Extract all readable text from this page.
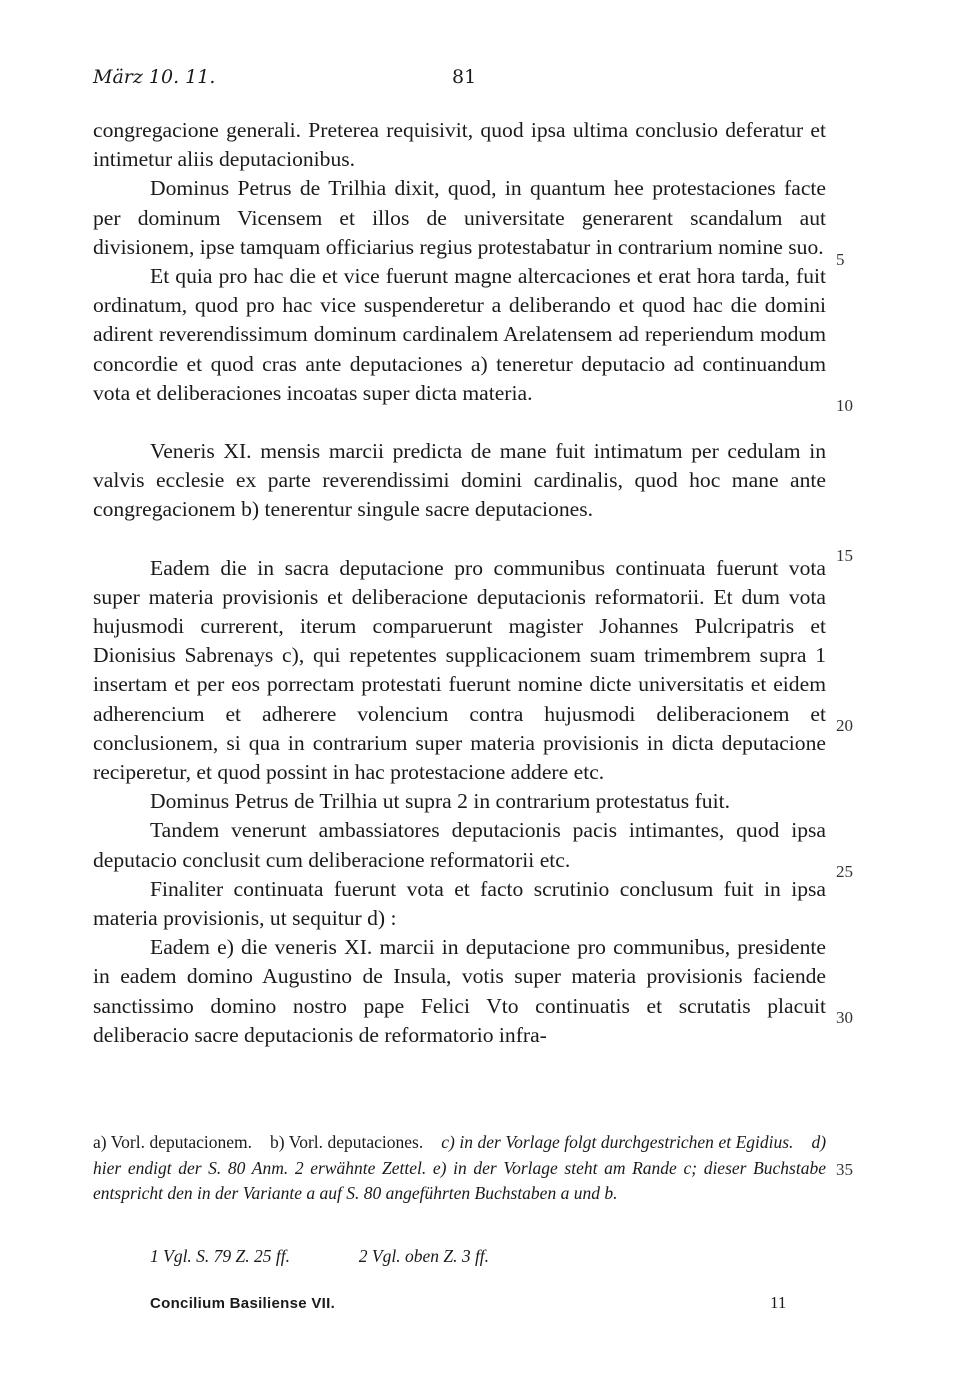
März 10. 11.	81

congregacione generali. Preterea requisivit, quod ipsa ultima conclusio deferatur et intimetur aliis deputacionibus.

Dominus Petrus de Trilhia dixit, quod, in quantum hee protestaciones facte per dominum Vicensem et illos de universitate generarent scandalum aut divisionem, ipse tamquam officiarius regius protestabatur in contrarium nomine suo.

Et quia pro hac die et vice fuerunt magne altercaciones et erat hora tarda, fuit ordinatum, quod pro hac vice suspenderetur a deliberando et quod hac die domini adirent reverendissimum dominum cardinalem Arelatensem ad reperiendum modum concordie et quod cras ante deputaciones a) teneretur deputacio ad continuandum vota et deliberaciones incoatas super dicta materia.

Veneris XI. mensis marcii predicta de mane fuit intimatum per cedulam in valvis ecclesie ex parte reverendissimi domini cardinalis, quod hoc mane ante congregacionem b) tenerentur singule sacre deputaciones.

Eadem die in sacra deputacione pro communibus continuata fuerunt vota super materia provisionis et deliberacione deputacionis reformatorii. Et dum vota hujusmodi currerent, iterum comparuerunt magister Johannes Pulcripatris et Dionisius Sabrenays c), qui repetentes supplicacionem suam trimembrem supra 1 insertam et per eos porrectam protestati fuerunt nomine dicte universitatis et eidem adherencium et adherere volencium contra hujusmodi deliberacionem et conclusionem, si qua in contrarium super materia provisionis in dicta deputacione reciperetur, et quod possint in hac protestacione addere etc.

Dominus Petrus de Trilhia ut supra 2 in contrarium protestatus fuit.

Tandem venerunt ambassiatores deputacionis pacis intimantes, quod ipsa deputacio conclusit cum deliberacione reformatorii etc.

Finaliter continuata fuerunt vota et facto scrutinio conclusum fuit in ipsa materia provisionis, ut sequitur d) :

Eadem e) die veneris XI. marcii in deputacione pro communibus, presidente in eadem domino Augustino de Insula, votis super materia provisionis faciende sanctissimo domino nostro pape Felici Vto continuatis et scrutatis placuit deliberacio sacre deputacionis de reformatorio infra-

5
10
15
20
25
30
35

a) Vorl. deputacionem. b) Vorl. deputaciones. c) in der Vorlage folgt durchgestrichen et Egidius. d) hier endigt der S. 80 Anm. 2 erwähnte Zettel. e) in der Vorlage steht am Rande c; dieser Buchstabe entspricht den in der Variante a auf S. 80 angeführten Buchstaben a und b.

1 Vgl. S. 79 Z. 25 ff.	2 Vgl. oben Z. 3 ff.
Concilium Basiliense VII.	11
